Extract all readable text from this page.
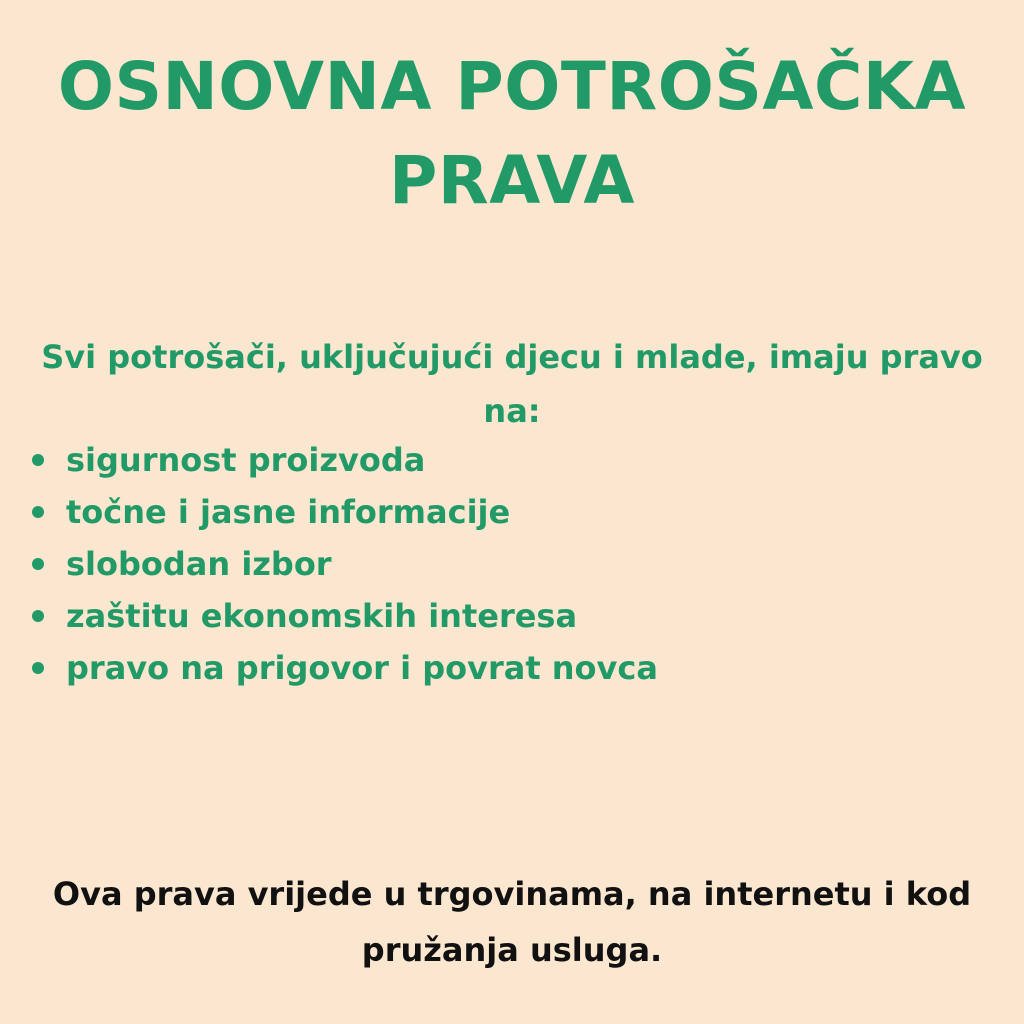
OSNOVNA POTROŠAČKA
PRAVA

Svi potrošači, uključujući djecu i mlade, imaju pravo
na:

sigurnost proizvoda
točne i jasne informacije
slobodan izbor
zaštitu ekonomskih interesa
pravo na prigovor i povrat novca

Ova prava vrijede u trgovinama, na internetu i kod
pružanja usluga.
